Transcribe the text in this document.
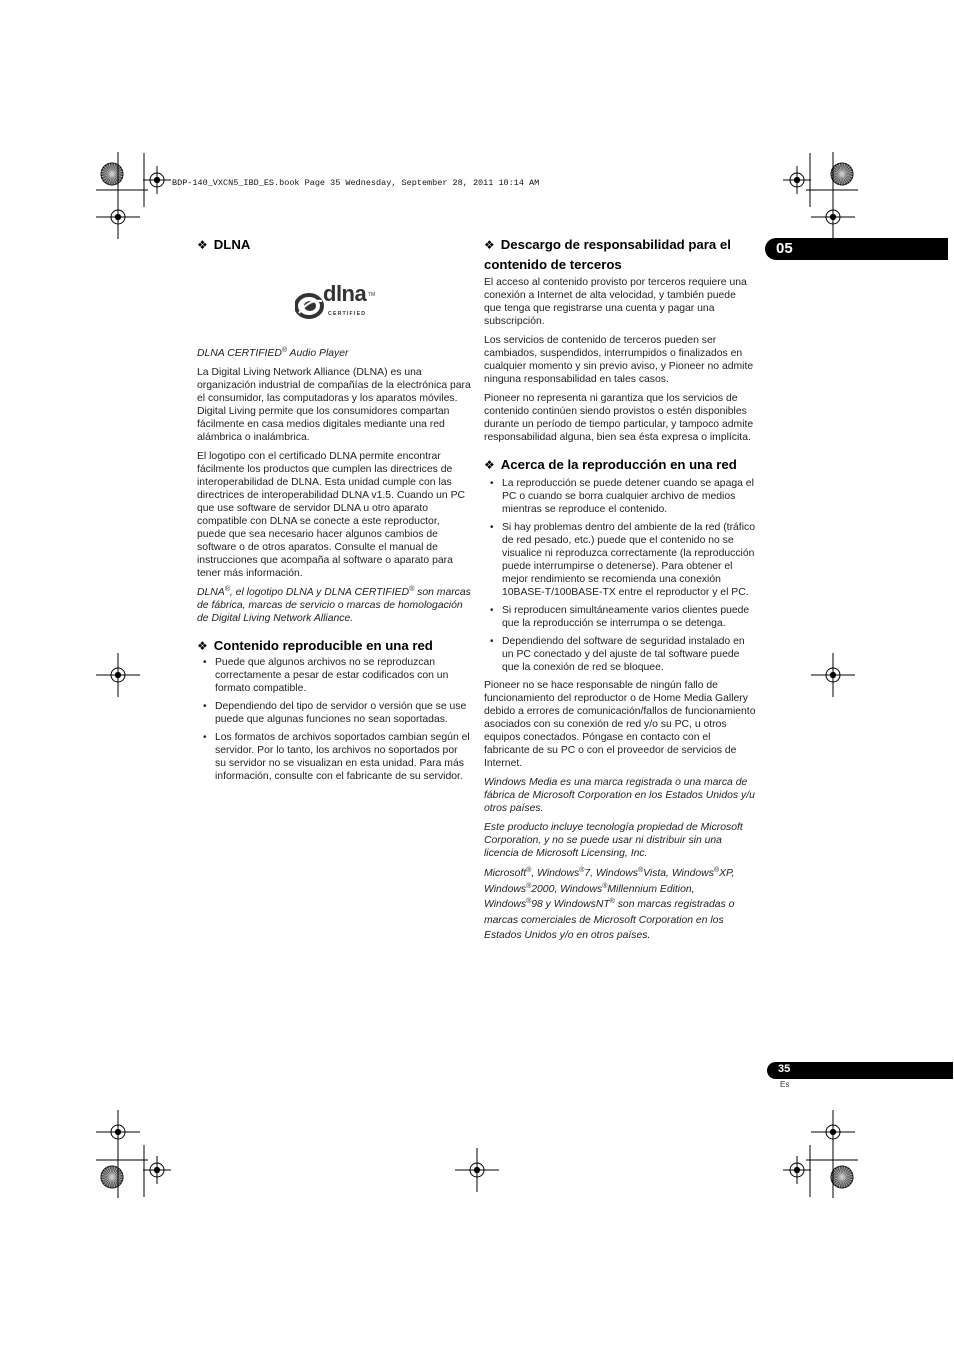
BDP-140_VXCN5_IBD_ES.book Page 35 Wednesday, September 28, 2011 10:14 AM
05
❖ DLNA
dlna TM
CERTIFIED

DLNA CERTIFIED® Audio Player

La Digital Living Network Alliance (DLNA) es una organización industrial de compañías de la electrónica para el consumidor, las computadoras y los aparatos móviles. Digital Living permite que los consumidores compartan fácilmente en casa medios digitales mediante una red alámbrica o inalámbrica.

El logotipo con el certificado DLNA permite encontrar fácilmente los productos que cumplen las directrices de interoperabilidad de DLNA. Esta unidad cumple con las directrices de interoperabilidad DLNA v1.5. Cuando un PC que use software de servidor DLNA u otro aparato compatible con DLNA se conecte a este reproductor, puede que sea necesario hacer algunos cambios de software o de otros aparatos. Consulte el manual de instrucciones que acompaña al software o aparato para tener más información.

DLNA®, el logotipo DLNA y DLNA CERTIFIED® son marcas de fábrica, marcas de servicio o marcas de homologación de Digital Living Network Alliance.

❖ Contenido reproducible en una red
• Puede que algunos archivos no se reproduzcan correctamente a pesar de estar codificados con un formato compatible.
• Dependiendo del tipo de servidor o versión que se use puede que algunas funciones no sean soportadas.
• Los formatos de archivos soportados cambian según el servidor. Por lo tanto, los archivos no soportados por su servidor no se visualizan en esta unidad. Para más información, consulte con el fabricante de su servidor.
❖ Descargo de responsabilidad para el contenido de terceros

El acceso al contenido provisto por terceros requiere una conexión a Internet de alta velocidad, y también puede que tenga que registrarse una cuenta y pagar una subscripción.

Los servicios de contenido de terceros pueden ser cambiados, suspendidos, interrumpidos o finalizados en cualquier momento y sin previo aviso, y Pioneer no admite ninguna responsabilidad en tales casos.

Pioneer no representa ni garantiza que los servicios de contenido continúen siendo provistos o estén disponibles durante un período de tiempo particular, y tampoco admite responsabilidad alguna, bien sea ésta expresa o implícita.

❖ Acerca de la reproducción en una red
• La reproducción se puede detener cuando se apaga el PC o cuando se borra cualquier archivo de medios mientras se reproduce el contenido.
• Si hay problemas dentro del ambiente de la red (tráfico de red pesado, etc.) puede que el contenido no se visualice ni reproduzca correctamente (la reproducción puede interrumpirse o detenerse). Para obtener el mejor rendimiento se recomienda una conexión 10BASE-T/100BASE-TX entre el reproductor y el PC.
• Si reproducen simultáneamente varios clientes puede que la reproducción se interrumpa o se detenga.
• Dependiendo del software de seguridad instalado en un PC conectado y del ajuste de tal software puede que la conexión de red se bloquee.

Pioneer no se hace responsable de ningún fallo de funcionamiento del reproductor o de Home Media Gallery debido a errores de comunicación/fallos de funcionamiento asociados con su conexión de red y/o su PC, u otros equipos conectados. Póngase en contacto con el fabricante de su PC o con el proveedor de servicios de Internet.

Windows Media es una marca registrada o una marca de fábrica de Microsoft Corporation en los Estados Unidos y/u otros países.

Este producto incluye tecnología propiedad de Microsoft Corporation, y no se puede usar ni distribuir sin una licencia de Microsoft Licensing, Inc.

Microsoft®, Windows®7, Windows®Vista, Windows®XP, Windows®2000, Windows®Millennium Edition, Windows®98 y WindowsNT® son marcas registradas o marcas comerciales de Microsoft Corporation en los Estados Unidos y/o en otros países.

35
Es
